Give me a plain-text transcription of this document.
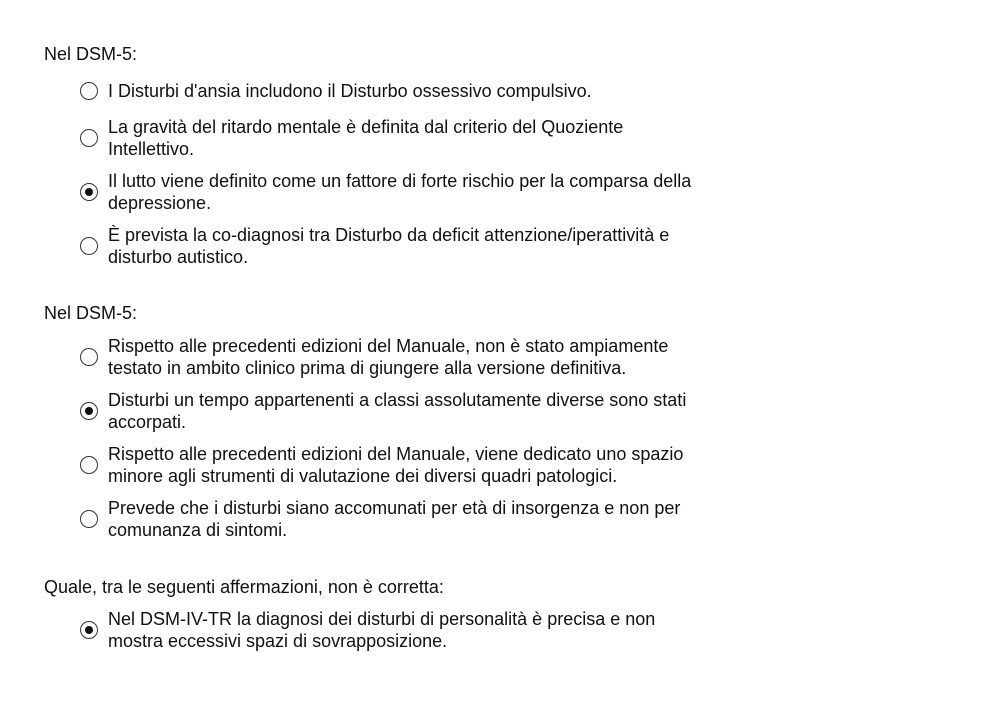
Nel DSM-5:

I Disturbi d'ansia includono il Disturbo ossessivo compulsivo.
La gravità del ritardo mentale è definita dal criterio del Quoziente
Intellettivo.
Il lutto viene definito come un fattore di forte rischio per la comparsa della
depressione.
È prevista la co-diagnosi tra Disturbo da deficit attenzione/iperattività e
disturbo autistico.

Nel DSM-5:

Rispetto alle precedenti edizioni del Manuale, non è stato ampiamente
testato in ambito clinico prima di giungere alla versione definitiva.
Disturbi un tempo appartenenti a classi assolutamente diverse sono stati
accorpati.
Rispetto alle precedenti edizioni del Manuale, viene dedicato uno spazio
minore agli strumenti di valutazione dei diversi quadri patologici.
Prevede che i disturbi siano accomunati per età di insorgenza e non per
comunanza di sintomi.

Quale, tra le seguenti affermazioni, non è corretta:

Nel DSM-IV-TR la diagnosi dei disturbi di personalità è precisa e non
mostra eccessivi spazi di sovrapposizione.
